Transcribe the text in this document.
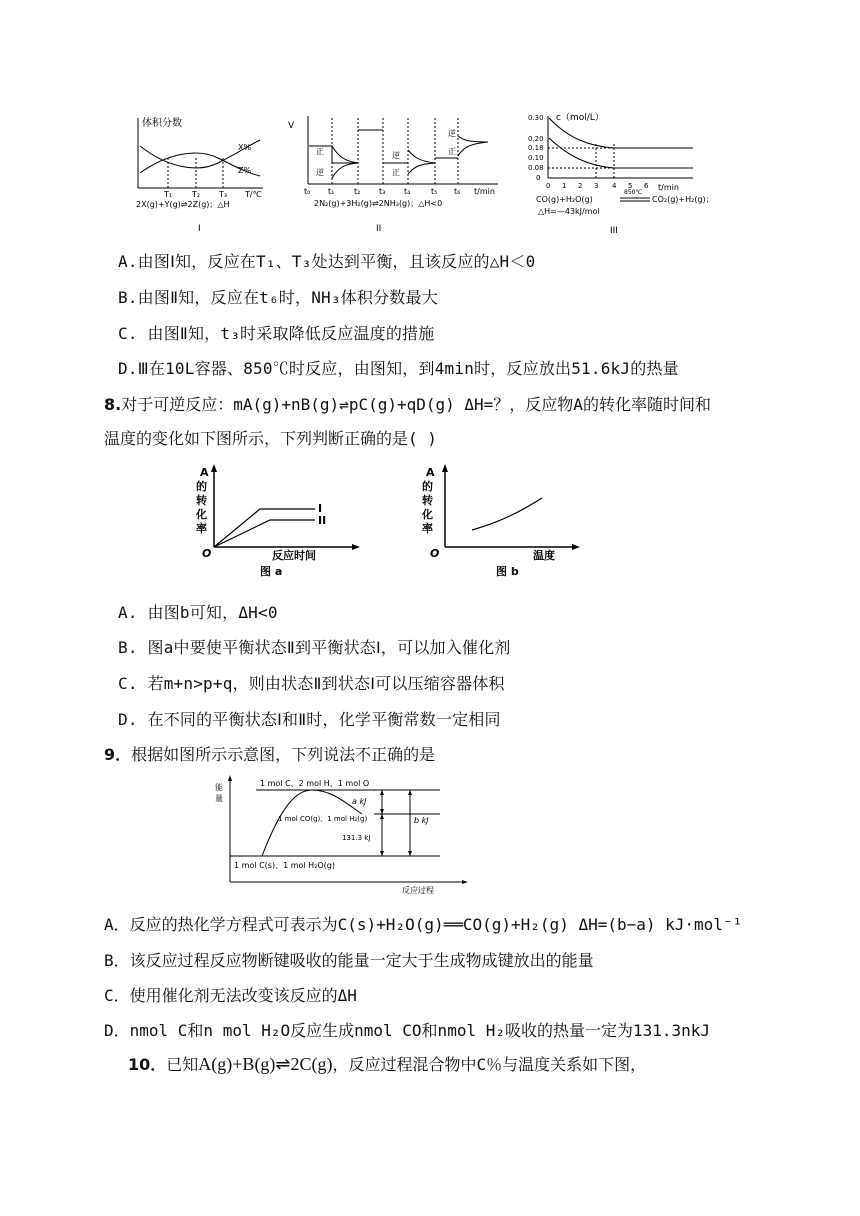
体积分数
X%
Z%
T₁ T₂ T₃ T/℃
2X(g)+Y(g)⇌2Z(g)；△H
I
V
正
逆
逆
正
逆
正
t₀ t₁ t₂ t₃ t₄	t₅ t₆ t/min
2N₂(g)+3H₂(g)⇌2NH₃(g)；△H<0
II
c（mol/L）
0.30
0.20
0.18
0.10
0.08
0
0 1 2 3 4 5 6 t/min
CO(g)+H₂O(g)
850℃
CO₂(g)+H₂(g)；
△H=—43kJ/mol
III
A.由图Ⅰ知，反应在T₁、T₃处达到平衡，且该反应的△H＜0
B.由图Ⅱ知，反应在t₆时，NH₃体积分数最大
C. 由图Ⅱ知，t₃时采取降低反应温度的措施
D.Ⅲ在10L容器、850℃时反应，由图知，到4min时，反应放出51.6kJ的热量
8.对于可逆反应：mA(g)+nB(g)⇌pC(g)+qD(g) ΔH=？，反应物A的转化率随时间和
温度的变化如下图所示，下列判断正确的是( )
A
的
转
化
率
I
II
O	反应时间
图 a
A
的
转
化
率
O	温度
图 b
A. 由图b可知，ΔH<0
B. 图a中要使平衡状态Ⅱ到平衡状态Ⅰ，可以加入催化剂
C. 若m+n>p+q，则由状态Ⅱ到状态Ⅰ可以压缩容器体积
D. 在不同的平衡状态Ⅰ和Ⅱ时，化学平衡常数一定相同
9．根据如图所示示意图，下列说法不正确的是
能
量
1 mol C、2 mol H、1 mol O
1 mol CO(g)、1 mol H₂(g)
1 mol C(s)、1 mol H₂O(g)
a kJ
131.3 kJ
b kJ
反应过程
A．反应的热化学方程式可表示为C(s)+H₂O(g)══CO(g)+H₂(g) ΔH=(b−a) kJ·mol⁻¹
B．该反应过程反应物断键吸收的能量一定大于生成物成键放出的能量
C．使用催化剂无法改变该反应的ΔH
D．nmol C和n mol H₂O反应生成nmol CO和nmol H₂吸收的热量一定为131.3nkJ
10．已知A(g)+B(g)⇌2C(g)，反应过程混合物中C％与温度关系如下图，
